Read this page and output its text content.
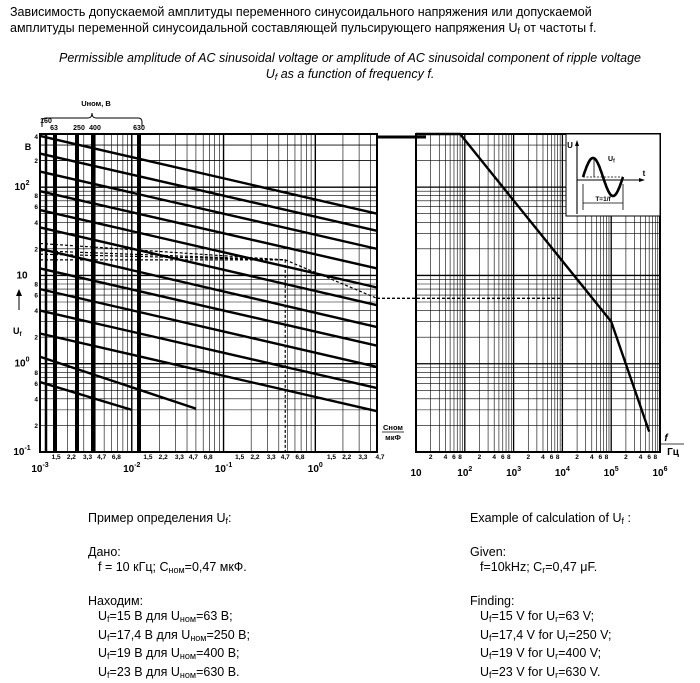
Зависимость допускаемой амплитуды переменного синусоидального напряжения или допускаемой
амплитуды переменной синусоидальной составляющей пульсирующего напряжения $U_f$ от частоты f.
Permissible amplitude of AC sinusoidal voltage or amplitude of AC sinusoidal component of ripple voltage
$U_f$ as a function of frequency f.
Uном, B
160
63 250 400	630
B
4
$10^{-1}$
$10^0$
10
$10^2$
2
4
6
8
2
4
6
8
2
4
6
8
2
$U_f$
$10^{-3}$	$10^{-2}$	$10^{-1}$	$10^0$
1,5 2,2 3,3 4,7 6,8	1,5 2,2 3,3 4,7 6,8	1,5 2,2 3,3 4,7 6,8	1,5 2,2 3,3 4,7
Cном
мкФ
10	$10^2$	$10^3$	$10^4$	$10^5$	$10^6$
2 4 6 8 2 4 6 8 2 4 6 8 2 4 6 8 2 4 6 8
f
Гц
U
$U_f$
t
T=1/f
Пример определения $U_f$:
Дано:
f = 10 кГц; $C_{ном}=0,47$ мкФ.
Находим:
$U_f=15$ B для $U_{ном}=63$ B;
$U_f=17,4$ B для $U_{ном}=250$ B;
$U_f=19$ B для $U_{ном}=400$ B;
$U_f=23$ B для $U_{ном}=630$ B.
Example of calculation of $U_f$ :
Given:
f=10kHz; $C_r=0,47$ μF.
Finding:
$U_f=15$ V for $U_r=63$ V;
$U_f=17,4$ V for $U_r=250$ V;
$U_f=19$ V for $U_r=400$ V;
$U_f=23$ V for $U_r=630$ V.
